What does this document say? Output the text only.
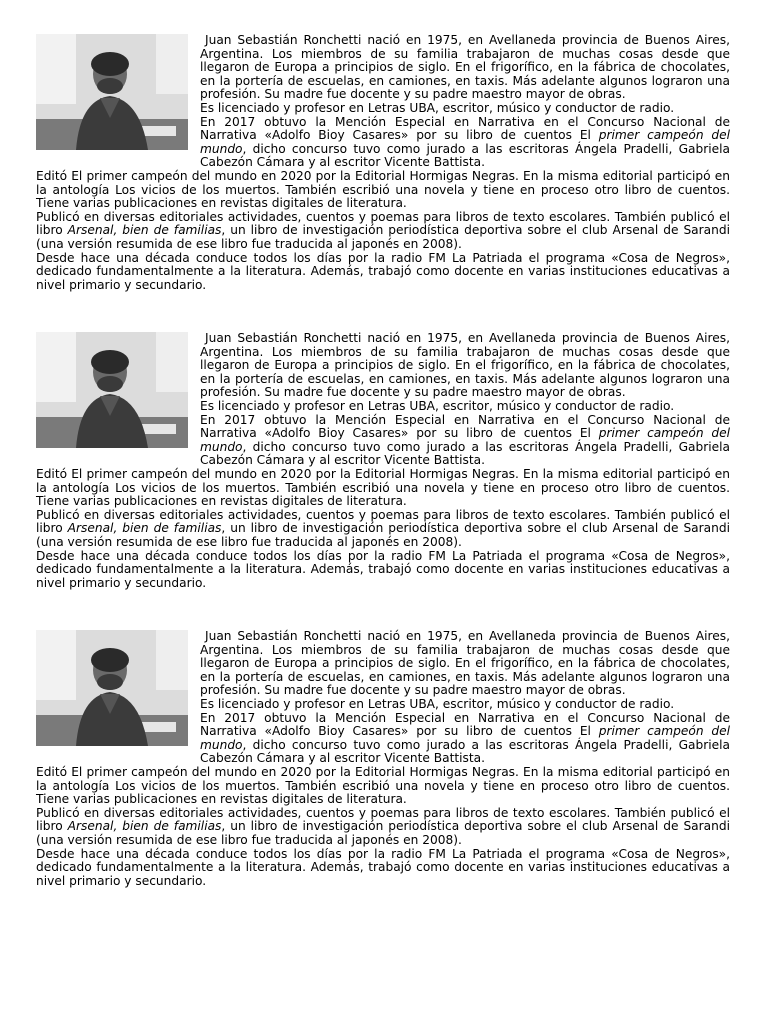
Juan Sebastián Ronchetti nació en 1975, en Avellaneda provincia de Buenos Aires, Argentina. Los miembros de su familia trabajaron de muchas cosas desde que llegaron de Europa a principios de siglo. En el frigorífico, en la fábrica de chocolates, en la portería de escuelas, en camiones, en taxis. Más adelante algunos lograron una profesión. Su madre fue docente y su padre maestro mayor de obras.

Es licenciado y profesor en Letras UBA, escritor, músico y conductor de radio.

En 2017 obtuvo la Mención Especial en Narrativa en el Concurso Nacional de Narrativa «Adolfo Bioy Casares» por su libro de cuentos El primer campeón del mundo, dicho concurso tuvo como jurado a las escritoras Ángela Pradelli, Gabriela Cabezón Cámara y al escritor Vicente Battista.

Editó El primer campeón del mundo en 2020 por la Editorial Hormigas Negras. En la misma editorial participó en la antología Los vicios de los muertos. También escribió una novela y tiene en proceso otro libro de cuentos. Tiene varias publicaciones en revistas digitales de literatura.

Publicó en diversas editoriales actividades, cuentos y poemas para libros de texto escolares. También publicó el libro Arsenal, bien de familias, un libro de investigación periodística deportiva sobre el club Arsenal de Sarandi (una versión resumida de ese libro fue traducida al japonés en 2008).

Desde hace una década conduce todos los días por la radio FM La Patriada el programa «Cosa de Negros», dedicado fundamentalmente a la literatura. Además, trabajó como docente en varias instituciones educativas a nivel primario y secundario.

Juan Sebastián Ronchetti nació en 1975, en Avellaneda provincia de Buenos Aires, Argentina. Los miembros de su familia trabajaron de muchas cosas desde que llegaron de Europa a principios de siglo. En el frigorífico, en la fábrica de chocolates, en la portería de escuelas, en camiones, en taxis. Más adelante algunos lograron una profesión. Su madre fue docente y su padre maestro mayor de obras.

Es licenciado y profesor en Letras UBA, escritor, músico y conductor de radio.

En 2017 obtuvo la Mención Especial en Narrativa en el Concurso Nacional de Narrativa «Adolfo Bioy Casares» por su libro de cuentos El primer campeón del mundo, dicho concurso tuvo como jurado a las escritoras Ángela Pradelli, Gabriela Cabezón Cámara y al escritor Vicente Battista.

Editó El primer campeón del mundo en 2020 por la Editorial Hormigas Negras. En la misma editorial participó en la antología Los vicios de los muertos. También escribió una novela y tiene en proceso otro libro de cuentos. Tiene varias publicaciones en revistas digitales de literatura.

Publicó en diversas editoriales actividades, cuentos y poemas para libros de texto escolares. También publicó el libro Arsenal, bien de familias, un libro de investigación periodística deportiva sobre el club Arsenal de Sarandi (una versión resumida de ese libro fue traducida al japonés en 2008).

Desde hace una década conduce todos los días por la radio FM La Patriada el programa «Cosa de Negros», dedicado fundamentalmente a la literatura. Además, trabajó como docente en varias instituciones educativas a nivel primario y secundario.

Juan Sebastián Ronchetti nació en 1975, en Avellaneda provincia de Buenos Aires, Argentina. Los miembros de su familia trabajaron de muchas cosas desde que llegaron de Europa a principios de siglo. En el frigorífico, en la fábrica de chocolates, en la portería de escuelas, en camiones, en taxis. Más adelante algunos lograron una profesión. Su madre fue docente y su padre maestro mayor de obras.

Es licenciado y profesor en Letras UBA, escritor, músico y conductor de radio.

En 2017 obtuvo la Mención Especial en Narrativa en el Concurso Nacional de Narrativa «Adolfo Bioy Casares» por su libro de cuentos El primer campeón del mundo, dicho concurso tuvo como jurado a las escritoras Ángela Pradelli, Gabriela Cabezón Cámara y al escritor Vicente Battista.

Editó El primer campeón del mundo en 2020 por la Editorial Hormigas Negras. En la misma editorial participó en la antología Los vicios de los muertos. También escribió una novela y tiene en proceso otro libro de cuentos. Tiene varias publicaciones en revistas digitales de literatura.

Publicó en diversas editoriales actividades, cuentos y poemas para libros de texto escolares. También publicó el libro Arsenal, bien de familias, un libro de investigación periodística deportiva sobre el club Arsenal de Sarandi (una versión resumida de ese libro fue traducida al japonés en 2008).

Desde hace una década conduce todos los días por la radio FM La Patriada el programa «Cosa de Negros», dedicado fundamentalmente a la literatura. Además, trabajó como docente en varias instituciones educativas a nivel primario y secundario.
